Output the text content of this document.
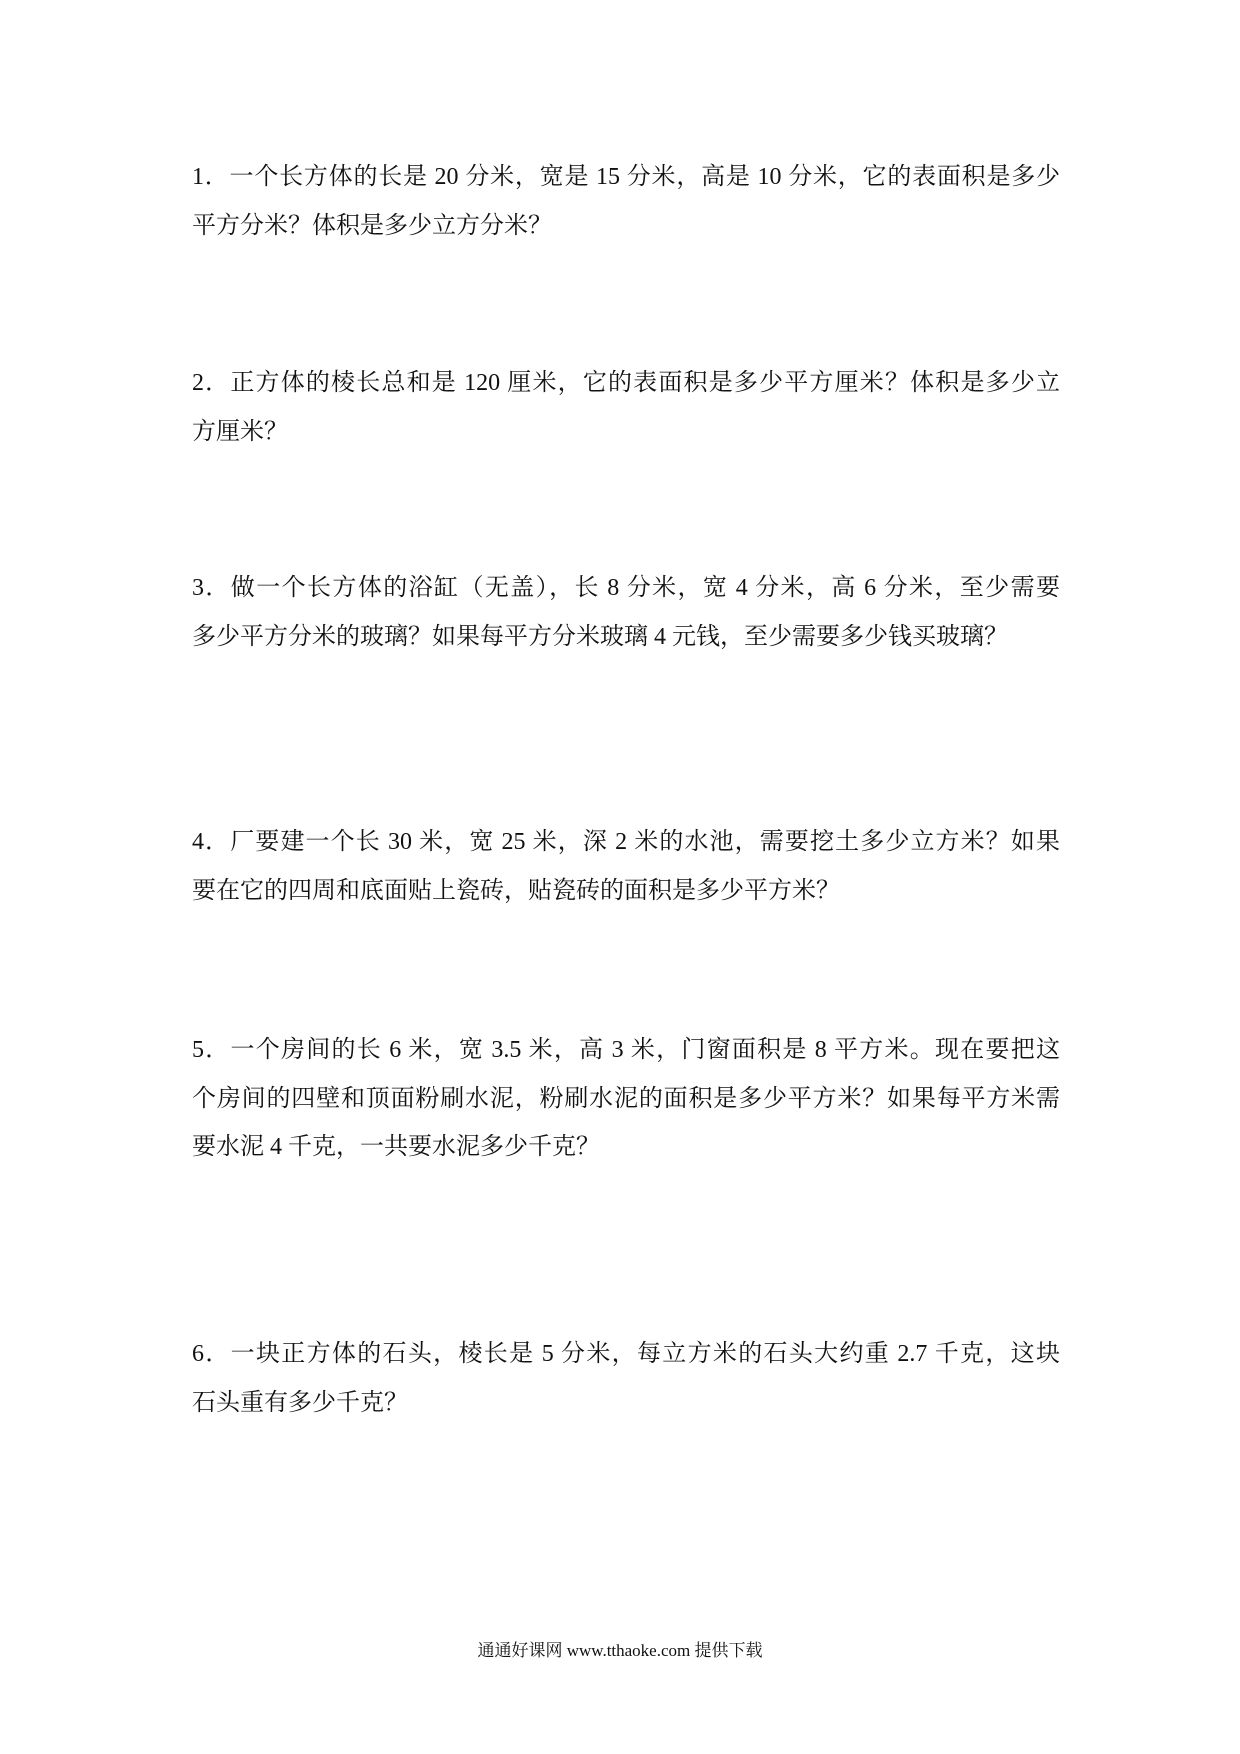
1．一个长方体的长是 20 分米，宽是 15 分米，高是 10 分米，它的表面积是多少
平方分米？体积是多少立方分米？
2．正方体的棱长总和是 120 厘米，它的表面积是多少平方厘米？体积是多少立
方厘米？
3．做一个长方体的浴缸（无盖），长 8 分米，宽 4 分米，高 6 分米，至少需要
多少平方分米的玻璃？如果每平方分米玻璃 4 元钱，至少需要多少钱买玻璃？
4．厂要建一个长 30 米，宽 25 米，深 2 米的水池，需要挖土多少立方米？如果
要在它的四周和底面贴上瓷砖，贴瓷砖的面积是多少平方米？
5．一个房间的长 6 米，宽 3.5 米，高 3 米，门窗面积是 8 平方米。现在要把这
个房间的四壁和顶面粉刷水泥，粉刷水泥的面积是多少平方米？如果每平方米需
要水泥 4 千克，一共要水泥多少千克？
6．一块正方体的石头，棱长是 5 分米，每立方米的石头大约重 2.7 千克，这块
石头重有多少千克？
通通好课网 www.tthaoke.com 提供下载
